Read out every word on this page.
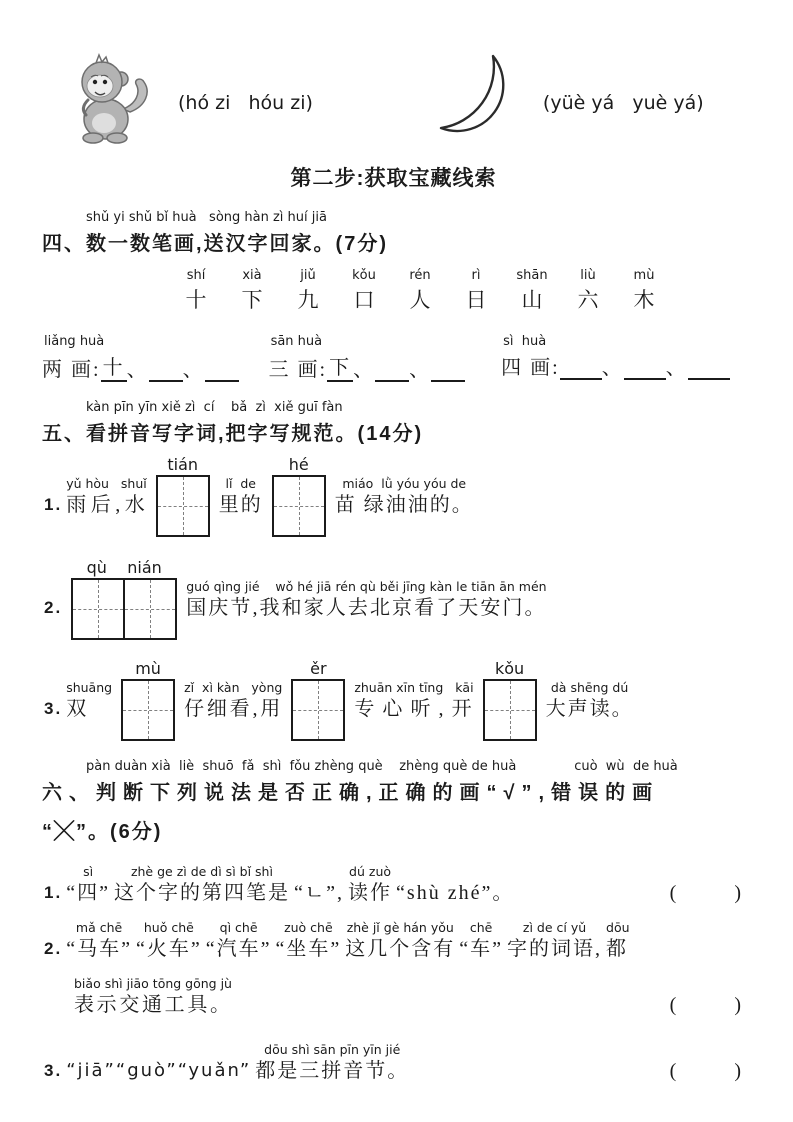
(hó zi   hóu zi)	(yüè yá   yuè yá)
第二步:获取宝藏线索
shǔ yi shǔ bǐ huà   sòng hàn zì huí jiā
四、数一数笔画,送汉字回家。(7分)
shí
十
xià
下
jiǔ
九
kǒu
口
rén
人
rì
日
shān
山
liù
六
mù
木
liǎng huà
两 画: 十 、 、
sān huà
三 画: 下 、 、
sì  huà
四 画: 、 、
kàn pīn yīn xiě zì  cí    bǎ  zì  xiě guī fàn
五、看拼音写字词,把字写规范。(14分)
1.
yǔ hòu   shuǐ
雨后,水
tián
lǐ  de
里的
hé
miáo  lǜ yóu yóu de
苗 绿油油的。
2.
qù    nián
guó qìng jié    wǒ hé jiā rén qù běi jīng kàn le tiān ān mén
国庆节,我和家人去北京看了天安门。
3.
shuāng
双
mù
zǐ  xì kàn   yòng
仔细看,用
ěr
zhuān xīn tīng   kāi
专心听,开
kǒu
dà shēng dú
大声读。
pàn duàn xià  liè  shuō  fǎ  shì  fǒu zhèng què    zhèng què de huà              cuò  wù  de huà
六、判断下列说法是否正确,正确的画“√”,错误的画
“╳”。(6分)
1.
sì
“四”
zhè ge zì de dì sì bǐ shì
这个字的第四笔是 “ㄴ”,
dú zuò
读作 “shù zhé”。	(      )
2.
mǎ chē
“马车”
huǒ chē
“火车”
qì chē
“汽车”
zuò chē
“坐车”
zhè jǐ gè hán yǒu
这几个含有
chē
“车”
zì de cí yǔ
字的词语,
dōu
都
biǎo shì jiāo tōng gōng jù
表示交通工具。	(      )
3. “jiā”“guò”“yuǎn”
dōu shì sān pīn yīn jié
都是三拼音节。	(      )
